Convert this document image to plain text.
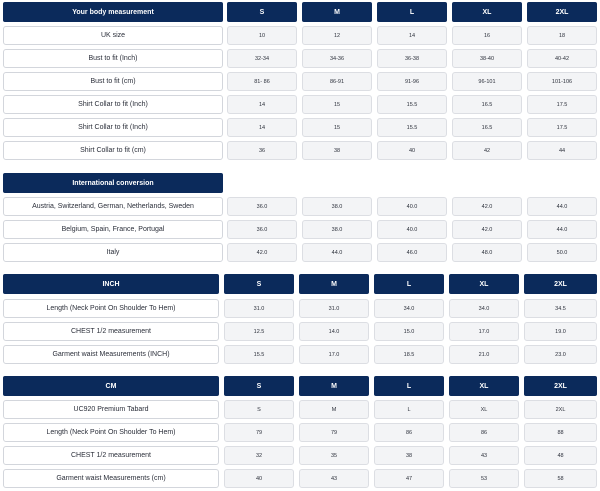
Your body measurement	S	M	L	XL	2XL
UK size	10	12	14	16	18
Bust to fit (Inch)	32-34	34-36	36-38	38-40	40-42
Bust to fit (cm)	81- 86	86-91	91-96	96-101	101-106
Shirt Collar to fit (Inch)	14	15	15.5	16.5	17.5
Shirt Collar to fit (Inch)	14	15	15.5	16.5	17.5
Shirt Collar to fit (cm)	36	38	40	42	44
International conversion
Austria, Switzerland, German, Netherlands, Sweden	36.0	38.0	40.0	42.0	44.0
Belgium, Spain, France, Portugal	36.0	38.0	40.0	42.0	44.0
Italy	42.0	44.0	46.0	48.0	50.0
INCH	S	M	L	XL	2XL
Length (Neck Point On Shoulder To Hem)	31.0	31.0	34.0	34.0	34.5
CHEST 1/2 measurement	12.5	14.0	15.0	17.0	19.0
Garment waist Measurements (INCH)	15.5	17.0	18.5	21.0	23.0
CM	S	M	L	XL	2XL
UC920 Premium Tabard	S	M	L	XL	2XL
Length (Neck Point On Shoulder To Hem)	79	79	86	86	88
CHEST 1/2 measurement	32	35	38	43	48
Garment waist Measurements (cm)	40	43	47	53	58
